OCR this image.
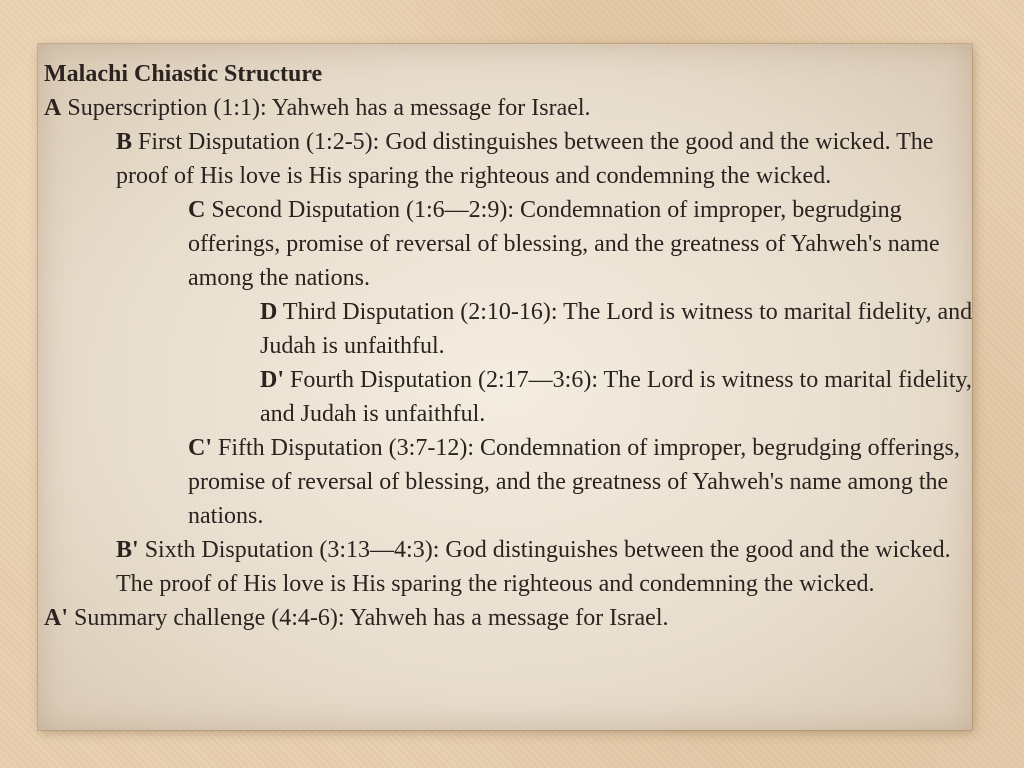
Malachi Chiastic Structure

A Superscription (1:1): Yahweh has a message for Israel.

B First Disputation (1:2-5): God distinguishes between the good and the wicked. The proof of His love is His sparing the righteous and condemning the wicked.

C Second Disputation (1:6—2:9): Condemnation of improper, begrudging offerings, promise of reversal of blessing, and the greatness of Yahweh's name among the nations.

D Third Disputation (2:10-16): The Lord is witness to marital fidelity, and Judah is unfaithful.

D' Fourth Disputation (2:17—3:6): The Lord is witness to marital fidelity, and Judah is unfaithful.

C' Fifth Disputation (3:7-12): Condemnation of improper, begrudging offerings, promise of reversal of blessing, and the greatness of Yahweh's name among the nations.

B' Sixth Disputation (3:13—4:3): God distinguishes between the good and the wicked. The proof of His love is His sparing the righteous and condemning the wicked.

A' Summary challenge (4:4-6): Yahweh has a message for Israel.
